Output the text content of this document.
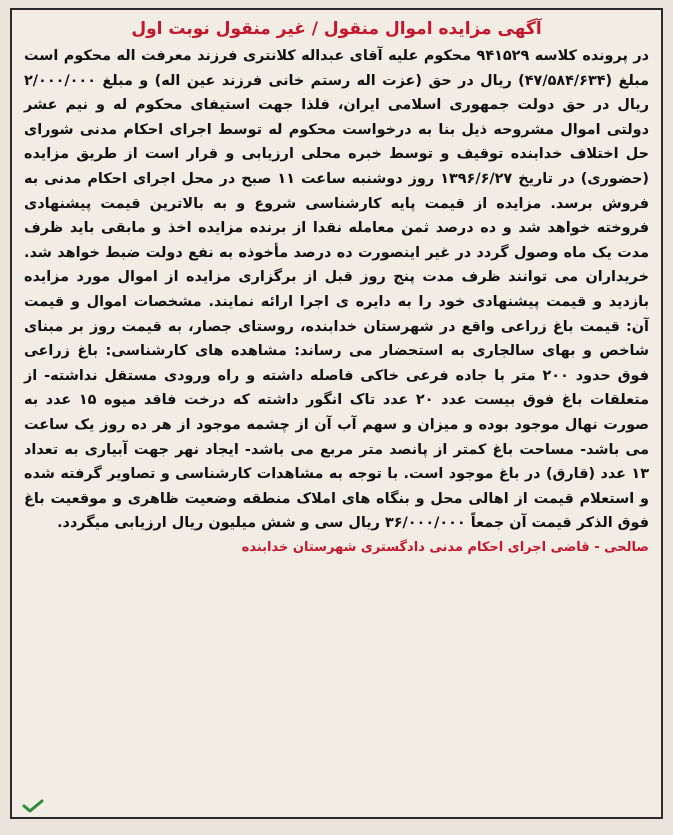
آگهی مزایده اموال منقول / غیر منقول نوبت اول
در پرونده کلاسه ۹۴۱۵۲۹ محکوم علیه آقای عبداله کلانتری فرزند معرفت اله محکوم است مبلغ (۴۷/۵۸۴/۶۳۴) ریال در حق (عزت اله رستم خانی فرزند عین اله) و مبلغ ۲/۰۰۰/۰۰۰ ریال در حق دولت جمهوری اسلامی ایران، فلذا جهت استیفای محکوم له و نیم عشر دولتی اموال مشروحه ذیل بنا به درخواست محکوم له توسط اجرای احکام مدنی شورای حل اختلاف خدابنده توقیف و توسط خبره محلی ارزیابی و قرار است از طریق مزایده (حضوری) در تاریخ ۱۳۹۶/۶/۲۷ روز دوشنبه ساعت ۱۱ صبح در محل اجرای احکام مدنی به فروش برسد. مزایده از قیمت پایه کارشناسی شروع و به بالاترین قیمت پیشنهادی فروخته خواهد شد و ده درصد ثمن معامله نقدا از برنده مزایده اخذ و مابقی باید ظرف مدت یک ماه وصول گردد در غیر اینصورت ده درصد مأخوذه به نفع دولت ضبط خواهد شد. خریداران می توانند ظرف مدت پنج روز قبل از برگزاری مزایده از اموال مورد مزایده بازدید و قیمت پیشنهادی خود را به دایره ی اجرا ارائه نمایند. مشخصات اموال و قیمت آن: قیمت باغ زراعی واقع در شهرستان خدابنده، روستای جصار، به قیمت روز بر مبنای شاخص و بهای سالجاری به استحضار می رساند: مشاهده های کارشناسی: باغ زراعی فوق حدود ۲۰۰ متر با جاده فرعی خاکی فاصله داشته و راه ورودی مستقل نداشته- از متعلقات باغ فوق بیست عدد ۲۰ عدد تاک انگور داشته که درخت فاقد میوه ۱۵ عدد به صورت نهال موجود بوده و میزان و سهم آب آن از چشمه موجود از هر ده روز یک ساعت می باشد- مساحت باغ کمتر از پانصد متر مربع می باشد- ایجاد نهر جهت آبیاری به تعداد ۱۳ عدد (قارق) در باغ موجود است. با توجه به مشاهدات کارشناسی و تصاویر گرفته شده و استعلام قیمت از اهالی محل و بنگاه های املاک منطقه وضعیت ظاهری و موقعیت باغ فوق الذکر قیمت آن جمعاً ۳۶/۰۰۰/۰۰۰ ریال سی و شش میلیون ریال ارزیابی میگردد.
صالحی - قاضی اجرای احکام مدنی دادگستری شهرستان خدابنده
